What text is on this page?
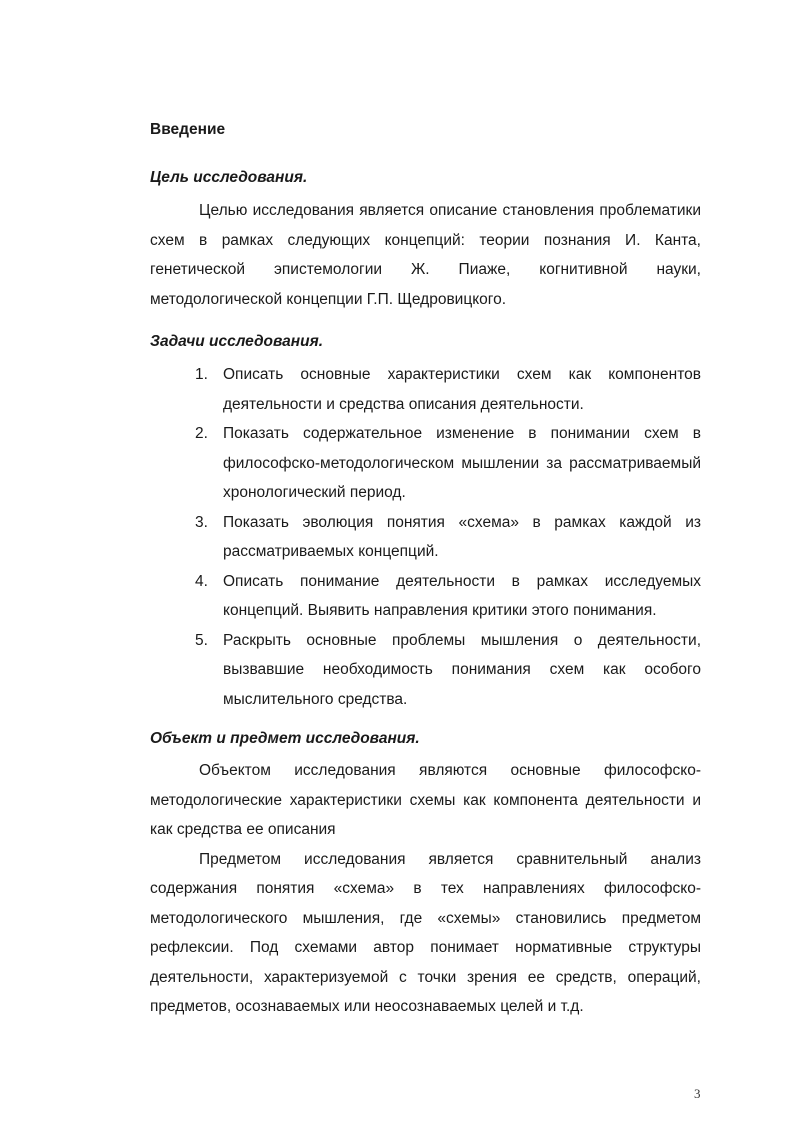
Введение
Цель исследования.

Целью исследования является описание становления проблематики схем в рамках следующих концепций: теории познания И. Канта, генетической эпистемологии Ж. Пиаже, когнитивной науки, методологической концепции Г.П. Щедровицкого.

Задачи исследования.
1. Описать основные характеристики схем как компонентов деятельности и средства описания деятельности.
2. Показать содержательное изменение в понимании схем в философско-методологическом мышлении за рассматриваемый хронологический период.
3. Показать эволюция понятия «схема» в рамках каждой из рассматриваемых концепций.
4. Описать понимание деятельности в рамках исследуемых концепций. Выявить направления критики этого понимания.
5. Раскрыть основные проблемы мышления о деятельности, вызвавшие необходимость понимания схем как особого мыслительного средства.
Объект и предмет исследования.

Объектом исследования являются основные философско-методологические характеристики схемы как компонента деятельности и как средства ее описания

Предметом исследования является сравнительный анализ содержания понятия «схема» в тех направлениях философско-методологического мышления, где «схемы» становились предметом рефлексии. Под схемами автор понимает нормативные структуры деятельности, характеризуемой с точки зрения ее средств, операций, предметов, осознаваемых или неосознаваемых целей и т.д.

3
